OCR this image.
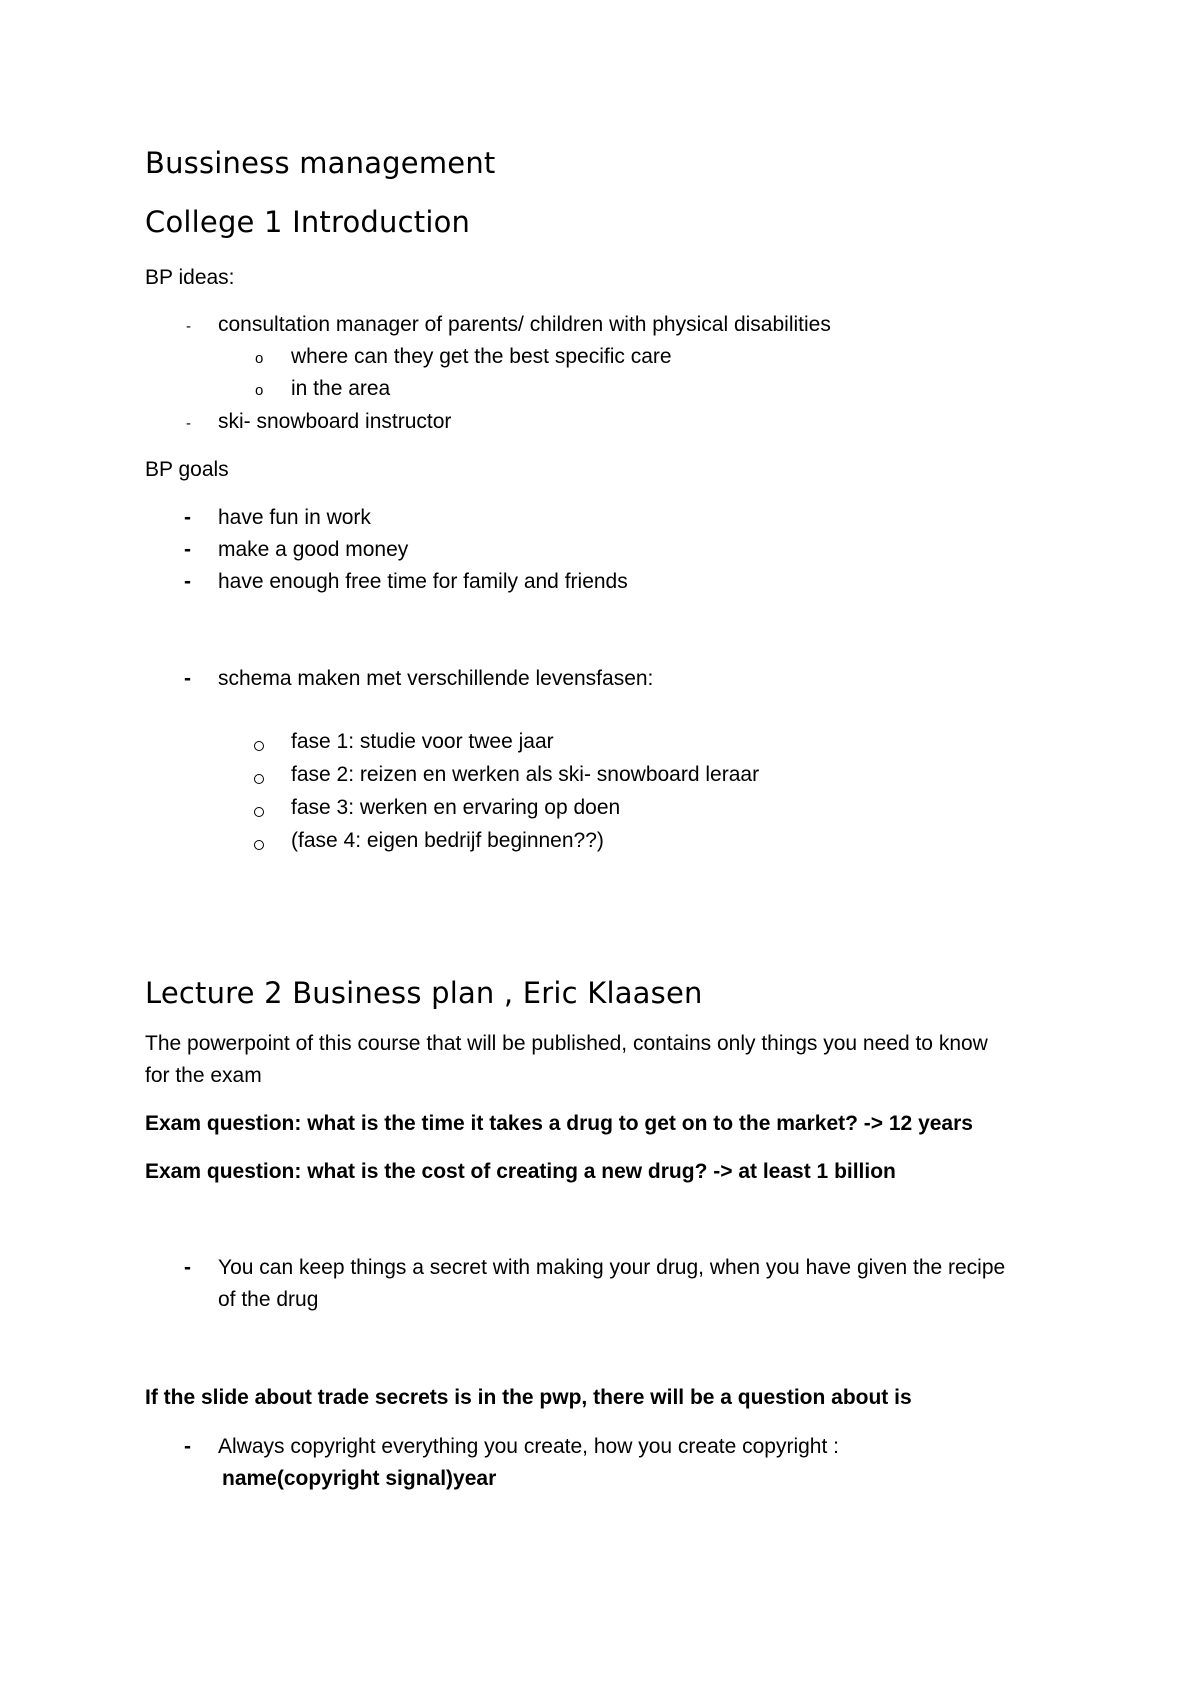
Bussiness management
College 1 Introduction
BP ideas:
- consultation manager of parents/ children with physical disabilities
o where can they get the best specific care
o in the area
- ski- snowboard instructor
BP goals
- have fun in work
- make a good money
- have enough free time for family and friends
- schema maken met verschillende levensfasen:
fase 1: studie voor twee jaar
fase 2: reizen en werken als ski- snowboard leraar
fase 3: werken en ervaring op doen
(fase 4: eigen bedrijf beginnen??)
Lecture 2 Business plan , Eric Klaasen
The powerpoint of this course that will be published, contains only things you need to know
for the exam
Exam question: what is the time it takes a drug to get on to the market? -> 12 years
Exam question: what is the cost of creating a new drug? -> at least 1 billion
- You can keep things a secret with making your drug, when you have given the recipe
of the drug
If the slide about trade secrets is in the pwp, there will be a question about is
- Always copyright everything you create, how you create copyright :
name(copyright signal)year
